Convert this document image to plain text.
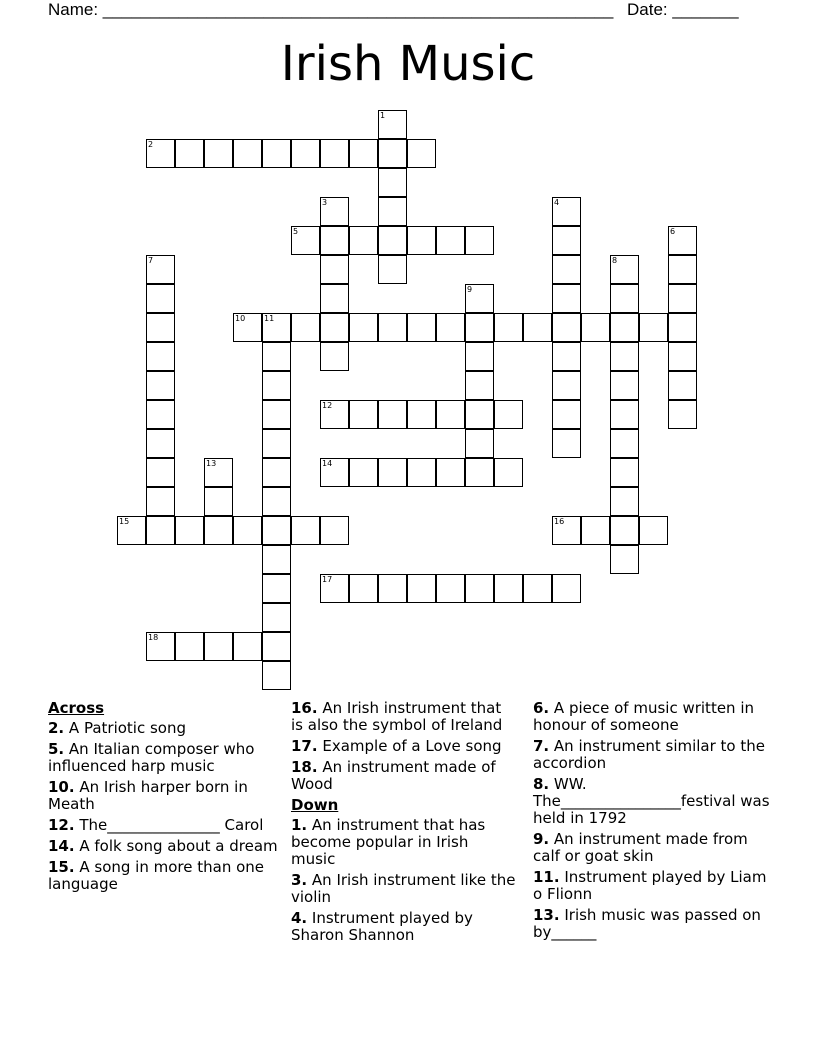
Name: ______________________________________________________ Date: _______
Irish Music
1
2
3	4
5	6
7	8
9
10 11
12
13	14
15	16
17
18

Across

2. A Patriotic song

5. An Italian composer who influenced harp music

10. An Irish harper born in Meath

12. The_______________ Carol

14. A folk song about a dream

15. A song in more than one language

16. An Irish instrument that is also the symbol of Ireland

17. Example of a Love song

18. An instrument made of Wood

Down

1. An instrument that has become popular in Irish music

3. An Irish instrument like the violin

4. Instrument played by Sharon Shannon

6. A piece of music written in honour of someone

7. An instrument similar to the accordion

8. WW. The________________festival was held in 1792

9. An instrument made from calf or goat skin

11. Instrument played by Liam o Flionn

13. Irish music was passed on by______
